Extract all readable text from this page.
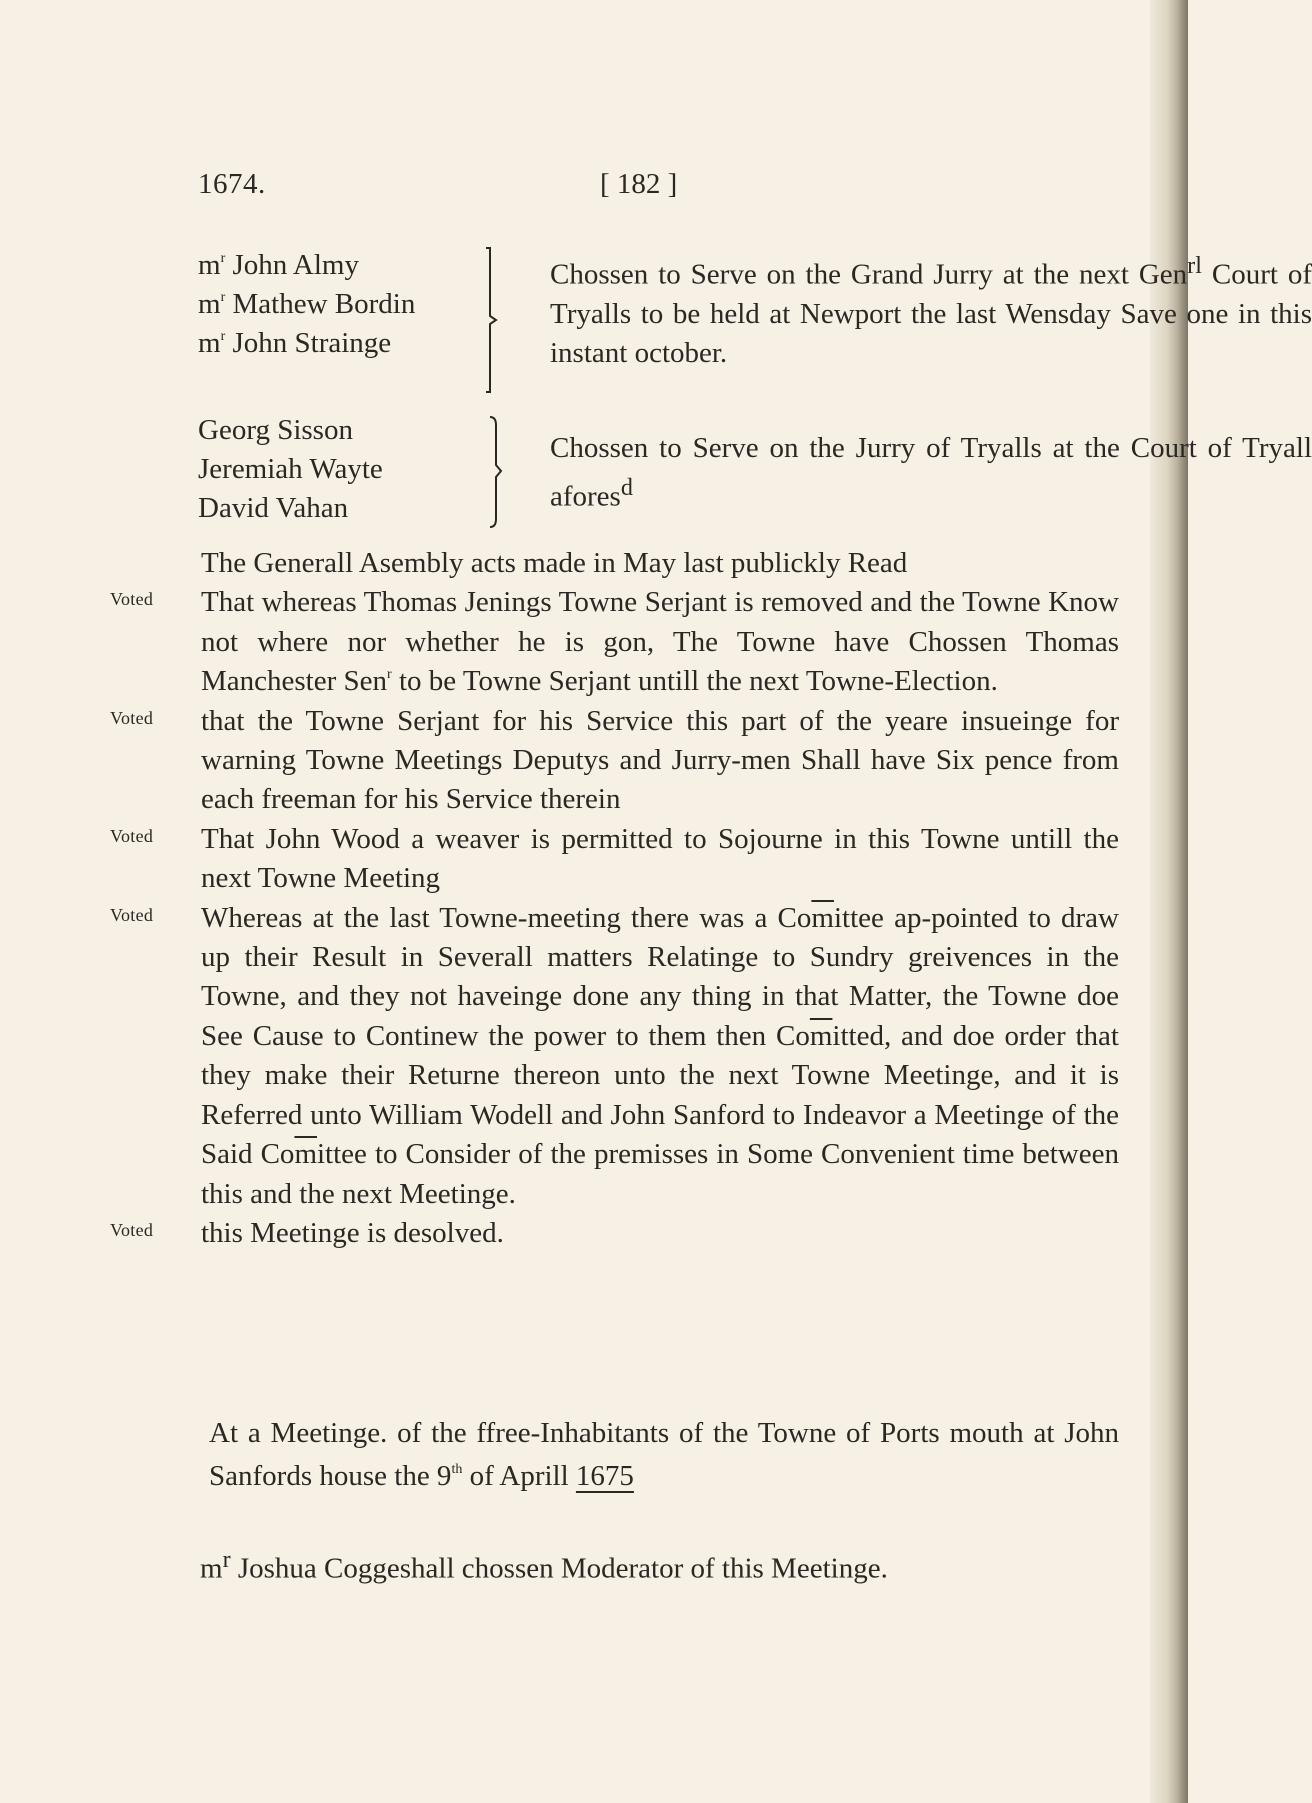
1674.	[ 182 ]
$m^r$ John Almy
$m^r$ Mathew Bordin
$m^r$ John Strainge
Chossen to Serve on the Grand Jurry at the next Gen$^{rl}$ Court of Tryalls to be held at Newport the last Wensday Save one in this instant october.
Georg Sisson
Jeremiah Wayte
David Vahan
Chossen to Serve on the Jurry of Tryalls at the Court of Tryall afores$^d$
The Generall Asembly acts made in May last publickly Read
Voted That whereas Thomas Jenings Towne Serjant is removed and the Towne Know not where nor whether he is gon, The Towne have Chossen Thomas Manchester Sen$^r$ to be Towne Serjant untill the next Towne-Election.
Voted that the Towne Serjant for his Service this part of the yeare insueinge for warning Towne Meetings Deputys and Jurry-men Shall have Six pence from each freeman for his Service therein
Voted That John Wood a weaver is permitted to Sojourne in this Towne untill the next Towne Meeting
Voted Whereas at the last Towne-meeting there was a $Co\overline{m}ittee$ ap-pointed to draw up their Result in Severall matters Relatinge to Sundry greivences in the Towne, and they not haveinge done any thing in that Matter, the Towne doe See Cause to Continew the power to them then $Co\overline{m}itted$, and doe order that they make their Returne thereon unto the next Towne Meetinge, and it is Referred unto William Wodell and John Sanford to Indeavor a Meetinge of the Said $Co\overline{m}ittee$ to Consider of the premisses in Some Convenient time between this and the next Meetinge.
Voted this Meetinge is desolved.
At a Meetinge. of the ffree-Inhabitants of the Towne of Ports mouth at John Sanfords house the 9th of Aprill 1675
$m^r$ Joshua Coggeshall chossen Moderator of this Meetinge.
